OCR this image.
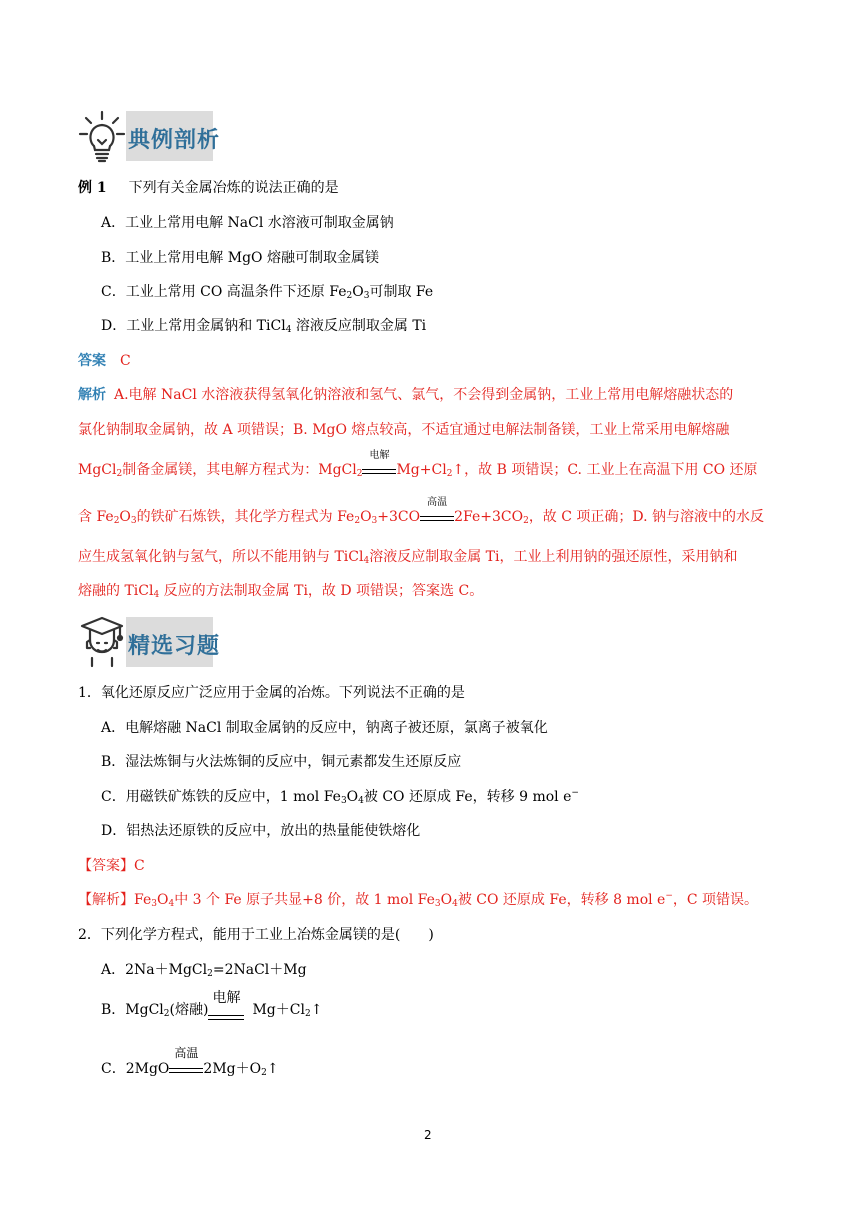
典例剖析
例 1 下列有关金属冶炼的说法正确的是
A．工业上常用电解 NaCl 水溶液可制取金属钠
B．工业上常用电解 MgO 熔融可制取金属镁
C．工业上常用 CO 高温条件下还原 $Fe_2O_3$可制取 Fe
D．工业上常用金属钠和 TiCl$_4$ 溶液反应制取金属 Ti
答案 C
解析 A.电解 NaCl 水溶液获得氢氧化钠溶液和氢气、氯气，不会得到金属钠，工业上常用电解熔融状态的
氯化钠制取金属钠，故 A 项错误；B. MgO 熔点较高，不适宜通过电解法制备镁，工业上常采用电解熔融
MgCl$_2$制备金属镁，其电解方程式为：MgCl$_2$
电解
$Mg+Cl_2↑$，故 B 项错误；C. 工业上在高温下用 CO 还原
含 $Fe_2O_3$的铁矿石炼铁，其化学方程式为 $Fe_2O_3+3CO$
高温
$2Fe+3CO_2$，故 C 项正确；D. 钠与溶液中的水反
应生成氢氧化钠与氢气，所以不能用钠与 TiCl$_4$溶液反应制取金属 Ti，工业上利用钠的强还原性，采用钠和
熔融的 TiCl$_4$ 反应的方法制取金属 Ti，故 D 项错误；答案选 C。
精选习题
1．氧化还原反应广泛应用于金属的冶炼。下列说法不正确的是
A．电解熔融 NaCl 制取金属钠的反应中，钠离子被还原，氯离子被氧化
B．湿法炼铜与火法炼铜的反应中，铜元素都发生还原反应
C．用磁铁矿炼铁的反应中，1 mol $Fe_3O_4$被 CO 还原成 Fe，转移 9 mol e−
D．铝热法还原铁的反应中，放出的热量能使铁熔化
【答案】C
【解析】$Fe_3O_4$中 3 个 Fe 原子共显+8 价，故 1 mol $Fe_3O_4$被 CO 还原成 Fe，转移 8 mol e−，C 项错误。
2．下列化学方程式，能用于工业上冶炼金属镁的是(　　)
A．2Na＋MgCl$_2$=2NaCl＋Mg
B．MgCl$_2$(熔融)
电解
$Mg+Cl_2↑$
C．2MgO
高温
$2Mg+O_2↑$
2
